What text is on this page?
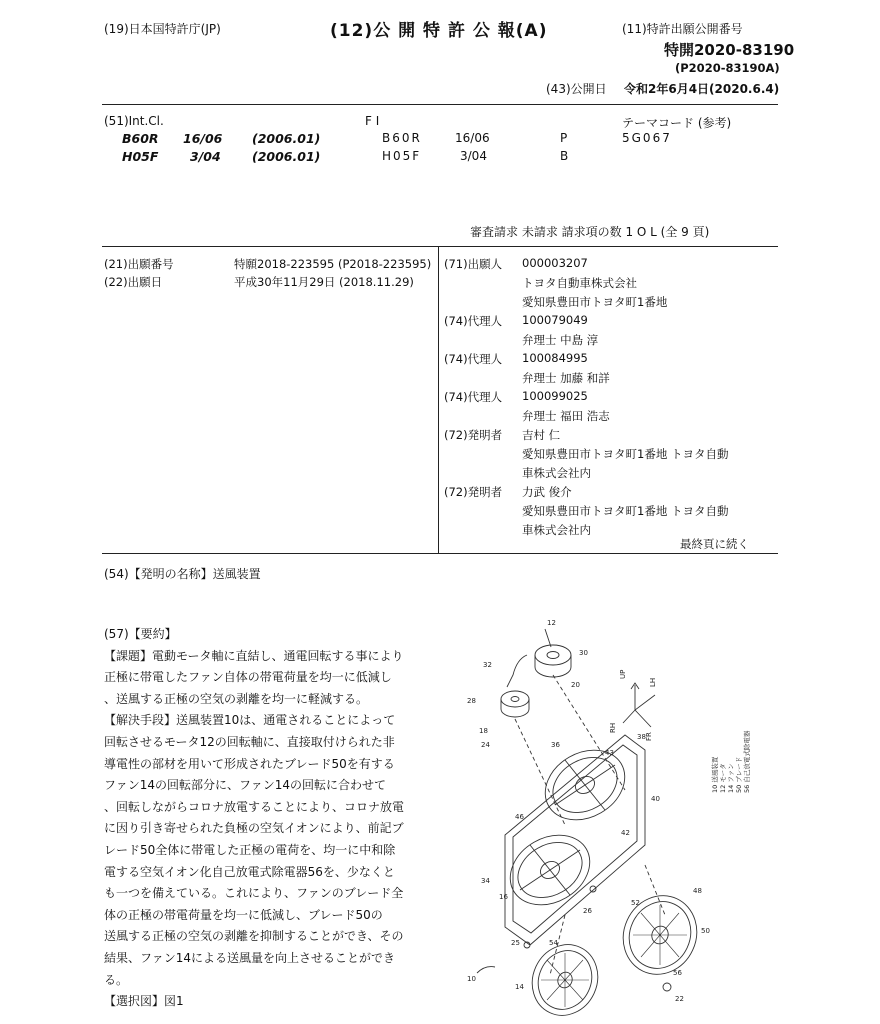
(19)日本国特許庁(JP)	(12)公 開 特 許 公 報(A)	(11)特許出願公開番号
特開2020-83190
(P2020-83190A)
(43)公開日 令和2年6月4日(2020.6.4)
(51)Int.Cl.	F I	テーマコード (参考)
B60R 16/06 (2006.01)	B60R	16/06	P	5G067
H05F	3/04	(2006.01)	H05F	3/04	B
審査請求 未請求 請求項の数 1 O L (全 9 頁)
(21)出願番号	特願2018-223595 (P2018-223595)
(22)出願日	平成30年11月29日 (2018.11.29)
(71)出願人 000003207
トヨタ自動車株式会社
愛知県豊田市トヨタ町1番地
(74)代理人 100079049
弁理士 中島 淳
(74)代理人 100084995
弁理士 加藤 和詳
(74)代理人 100099025
弁理士 福田 浩志
(72)発明者 吉村 仁
愛知県豊田市トヨタ町1番地 トヨタ自動
車株式会社内
(72)発明者 力武 俊介
愛知県豊田市トヨタ町1番地 トヨタ自動
車株式会社内
最終頁に続く
(54)【発明の名称】送風装置
(57)【要約】
【課題】電動モータ軸に直結し、通電回転する事により
正極に帯電したファン自体の帯電荷量を均一に低減し
、送風する正極の空気の剥離を均一に軽減する。
【解決手段】送風装置10は、通電されることによって
回転させるモータ12の回転軸に、直接取付けられた非
導電性の部材を用いて形成されたブレード50を有する
ファン14の回転部分に、ファン14の回転に合わせて
、回転しながらコロナ放電することにより、コロナ放電
に因り引き寄せられた負極の空気イオンにより、前記ブ
レード50全体に帯電した正極の電荷を、均一に中和除
電する空気イオン化自己放電式除電器56を、少なくと
も一つを備えている。これにより、ファンのブレード全
体の正極の帯電荷量を均一に低減し、ブレード50の
送風する正極の空気の剥離を抑制することができ、その
結果、ファン14による送風量を向上させることができ
る。
【選択図】図1
UP
LH
RH
FR
10 送風装置 12 モータ 14 ファン 50 ブレード 56 自己放電式除電器
12
30
20
32
10
16
18
28
24
26
36
38
40
42
43
46
48
50
52
54
56
22
25
34
14
